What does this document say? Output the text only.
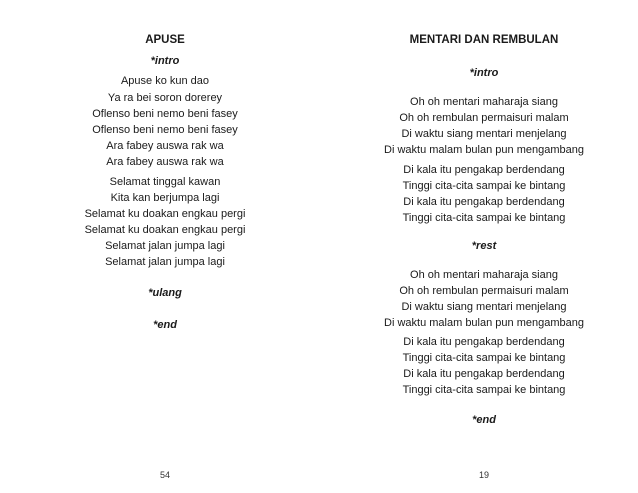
APUSE
*intro
Apuse ko kun dao
Ya ra bei soron dorerey
Oflenso beni nemo beni fasey
Oflenso beni nemo beni fasey
Ara fabey auswa rak wa
Ara fabey auswa rak wa
Selamat tinggal kawan
Kita kan berjumpa lagi
Selamat ku doakan engkau pergi
Selamat ku doakan engkau pergi
Selamat jalan jumpa lagi
Selamat jalan jumpa lagi
*ulang
*end
54
MENTARI DAN REMBULAN
*intro
Oh oh mentari maharaja siang
Oh oh rembulan permaisuri malam
Di waktu siang mentari menjelang
Di waktu malam bulan pun mengambang
Di kala itu pengakap berdendang
Tinggi cita-cita sampai ke bintang
Di kala itu pengakap berdendang
Tinggi cita-cita sampai ke bintang
*rest
Oh oh mentari maharaja siang
Oh oh rembulan permaisuri malam
Di waktu siang mentari menjelang
Di waktu malam bulan pun mengambang
Di kala itu pengakap berdendang
Tinggi cita-cita sampai ke bintang
Di kala itu pengakap berdendang
Tinggi cita-cita sampai ke bintang
*end
19
